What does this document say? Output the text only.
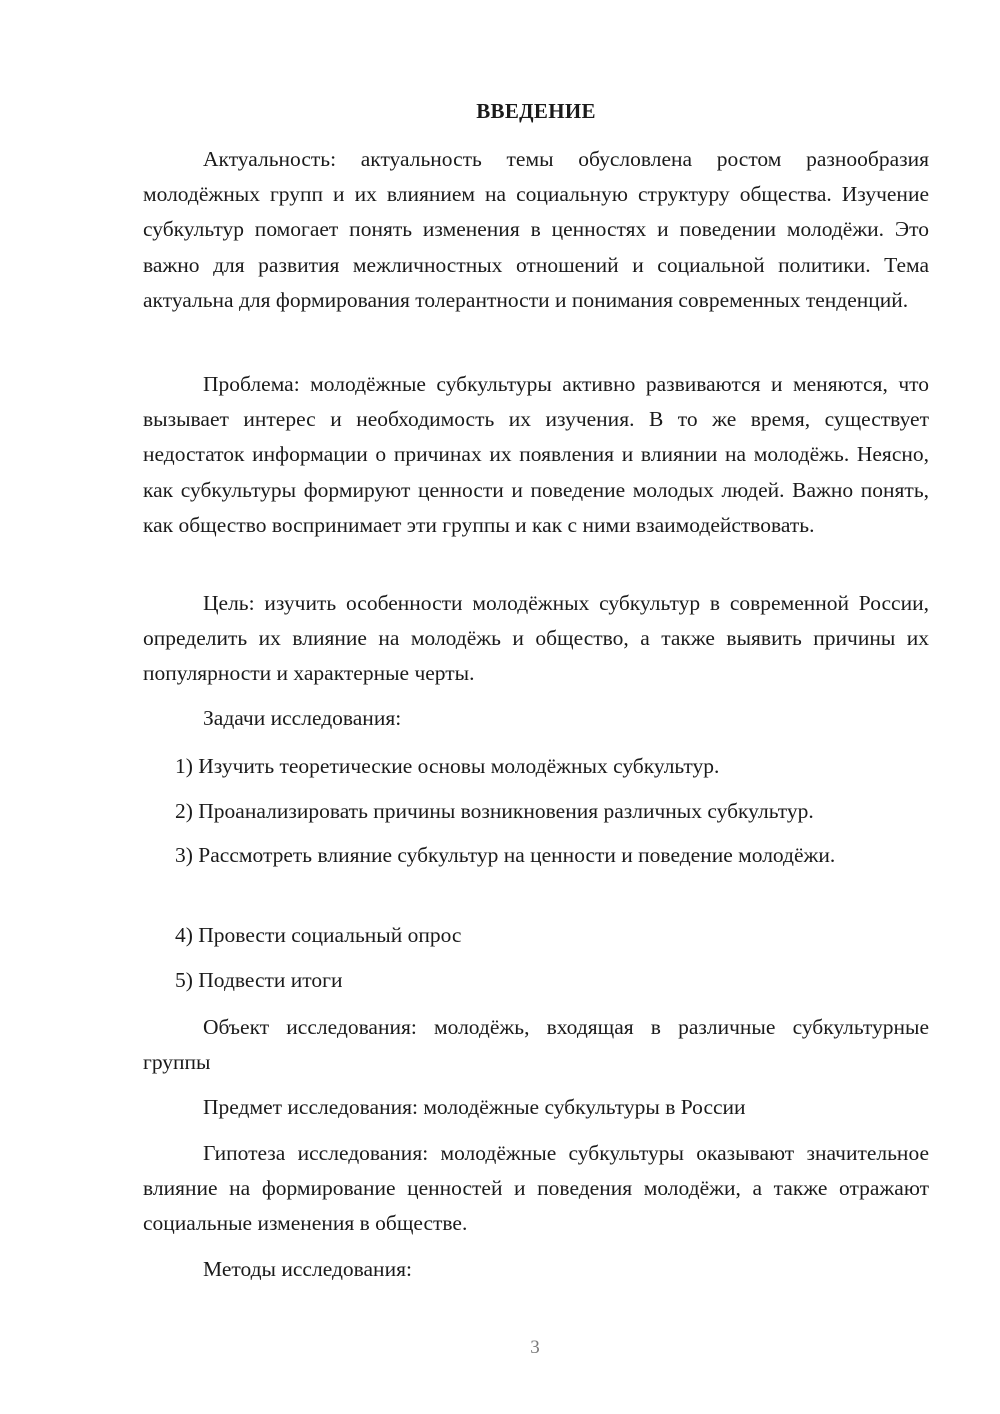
ВВЕДЕНИЕ

Актуальность: актуальность темы обусловлена ростом разнообразия молодёжных групп и их влиянием на социальную структуру общества. Изучение субкультур помогает понять изменения в ценностях и поведении молодёжи. Это важно для развития межличностных отношений и социальной политики. Тема актуальна для формирования толерантности и понимания современных тенденций.

Проблема: молодёжные субкультуры активно развиваются и меняются, что вызывает интерес и необходимость их изучения. В то же время, существует недостаток информации о причинах их появления и влиянии на молодёжь. Неясно, как субкультуры формируют ценности и поведение молодых людей. Важно понять, как общество воспринимает эти группы и как с ними взаимодействовать.

Цель: изучить особенности молодёжных субкультур в современной России, определить их влияние на молодёжь и общество, а также выявить причины их популярности и характерные черты.

Задачи исследования:

1) Изучить теоретические основы молодёжных субкультур.

2) Проанализировать причины возникновения различных субкультур.

3) Рассмотреть влияние субкультур на ценности и поведение молодёжи.

4) Провести социальный опрос

5) Подвести итоги

Объект исследования: молодёжь, входящая в различные субкультурные группы

Предмет исследования: молодёжные субкультуры в России

Гипотеза исследования: молодёжные субкультуры оказывают значительное влияние на формирование ценностей и поведения молодёжи, а также отражают социальные изменения в обществе.

Методы исследования:

3
